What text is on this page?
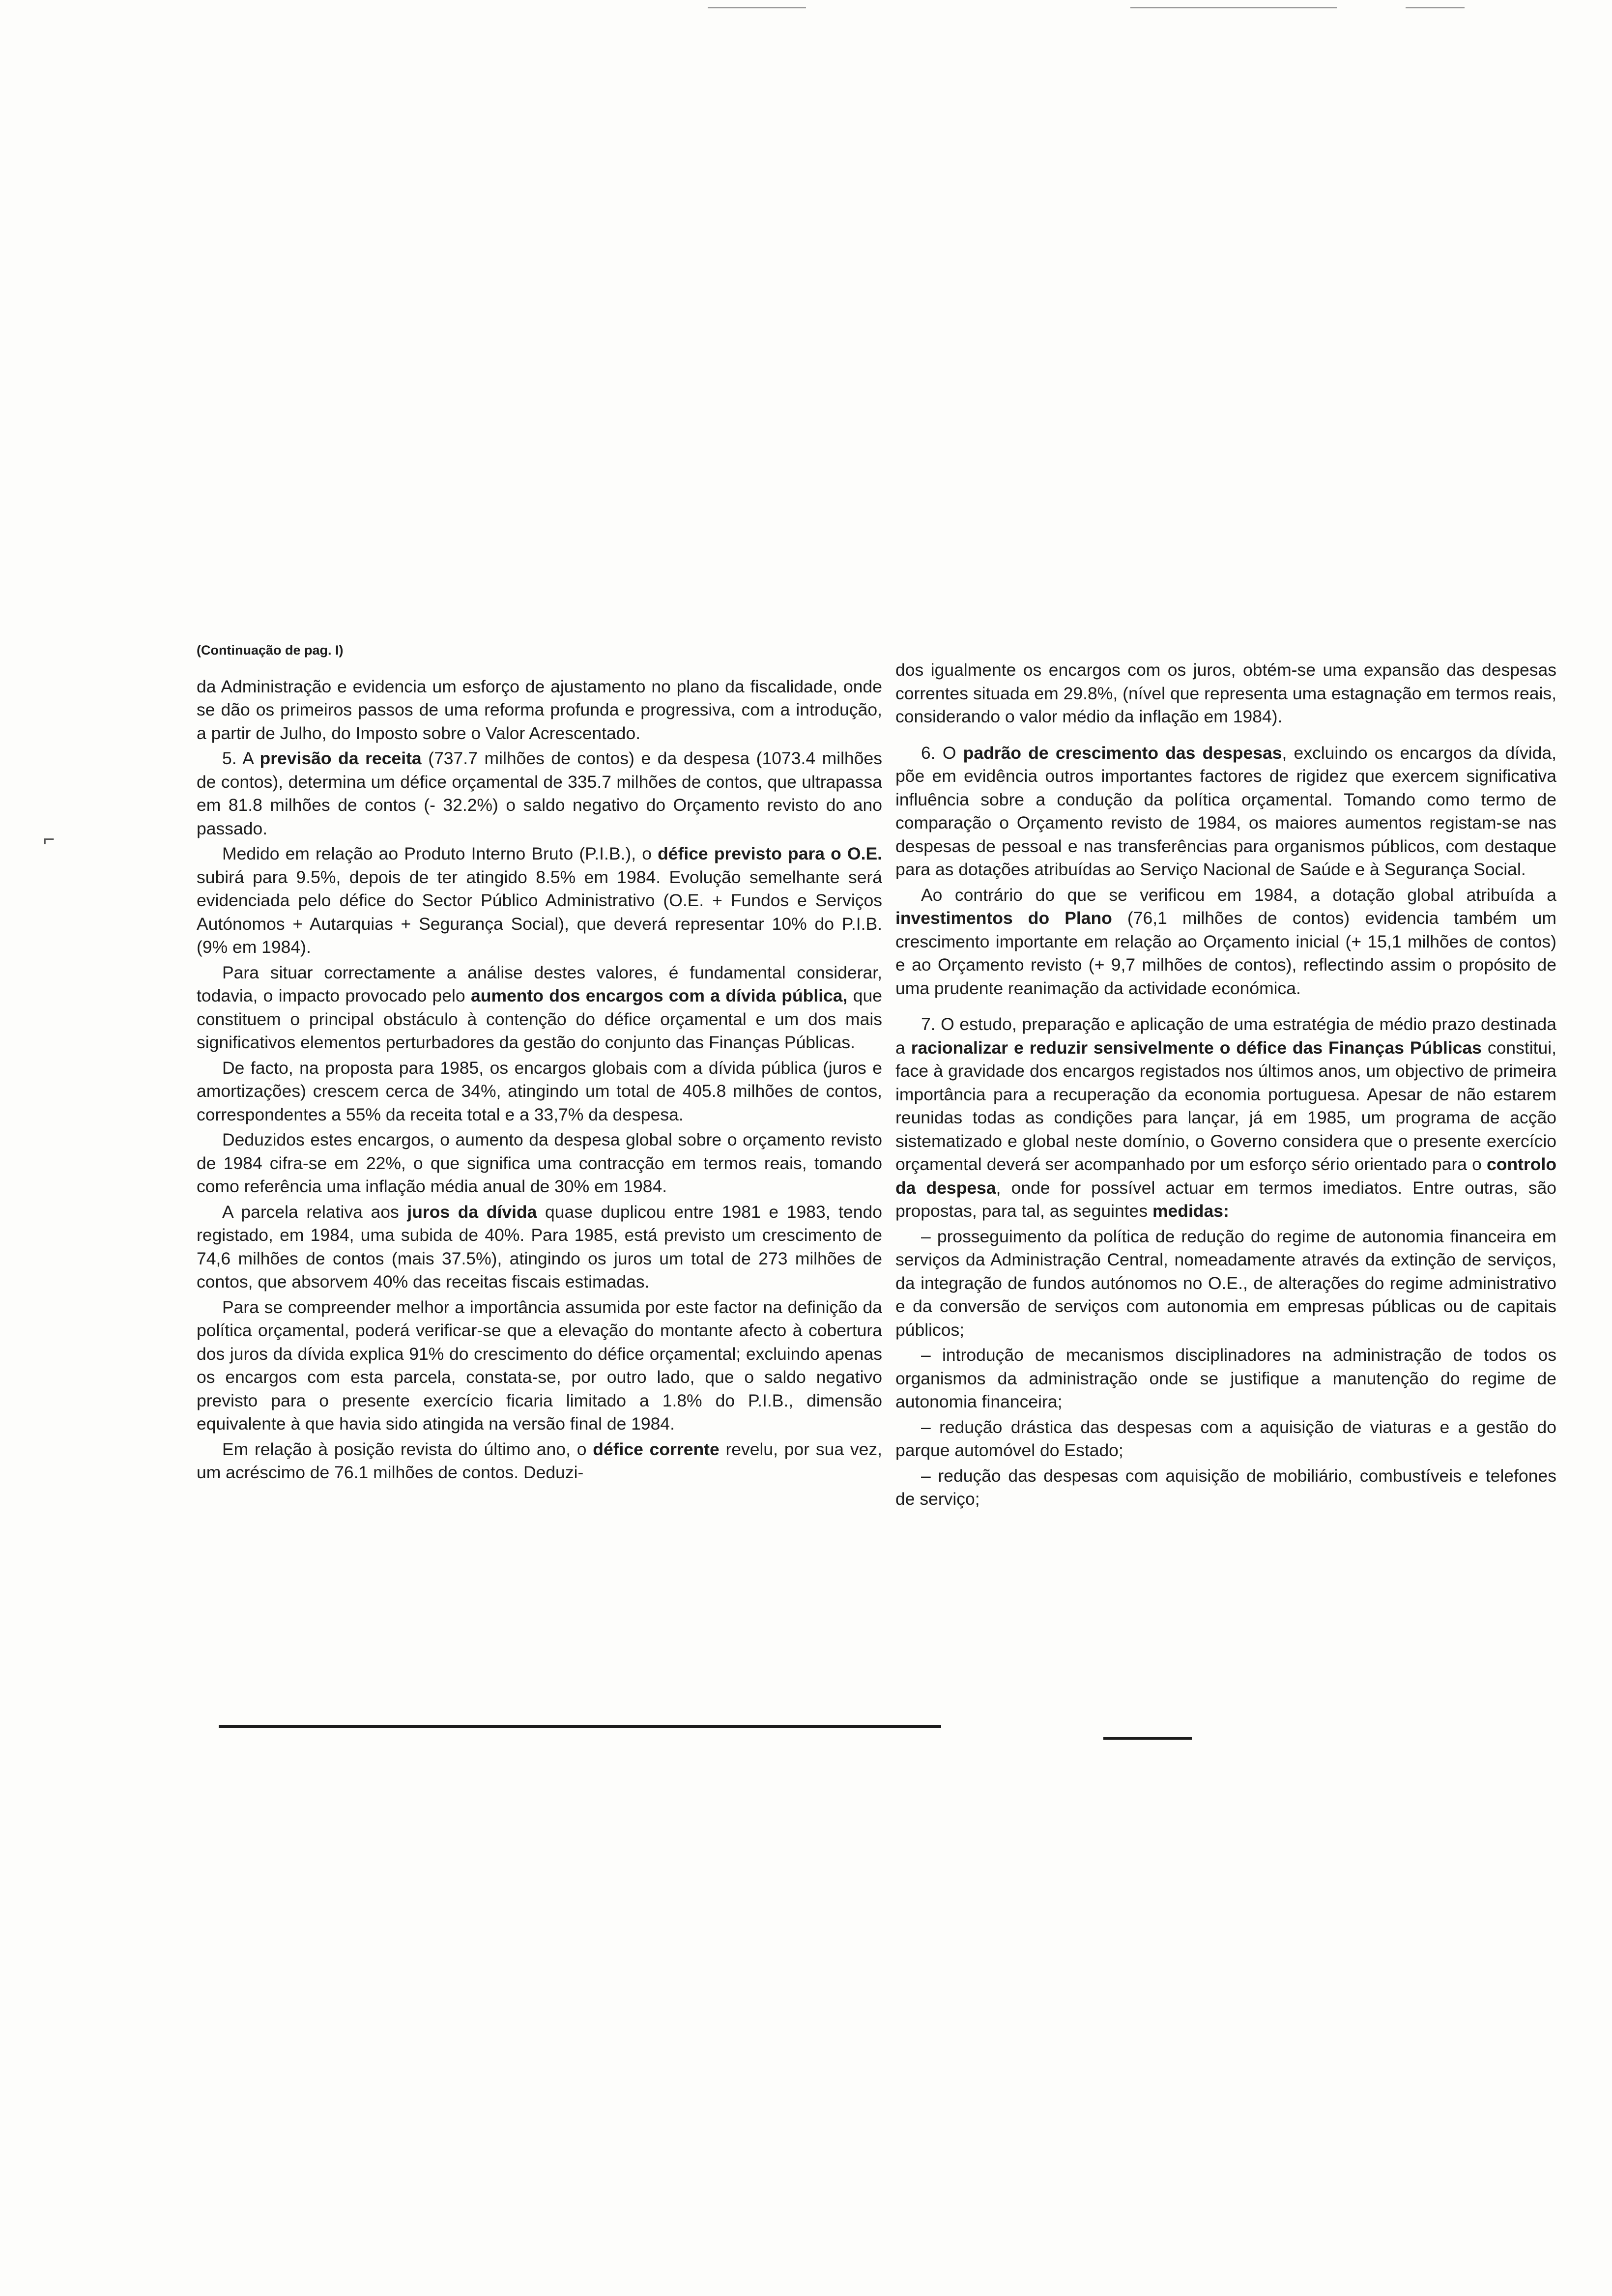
(Continuação de pag. I)

da Administração e evidencia um esforço de ajustamento no plano da fiscalidade, onde se dão os primeiros passos de uma reforma profunda e progressiva, com a introdução, a partir de Julho, do Imposto sobre o Valor Acrescentado.

5. A previsão da receita (737.7 milhões de contos) e da despesa (1073.4 milhões de contos), determina um défice orçamental de 335.7 milhões de contos, que ultrapassa em 81.8 milhões de contos (- 32.2%) o saldo negativo do Orçamento revisto do ano passado.

Medido em relação ao Produto Interno Bruto (P.I.B.), o défice previsto para o O.E. subirá para 9.5%, depois de ter atingido 8.5% em 1984. Evolução semelhante será evidenciada pelo défice do Sector Público Administrativo (O.E. + Fundos e Serviços Autónomos + Autarquias + Segurança Social), que deverá representar 10% do P.I.B. (9% em 1984).

Para situar correctamente a análise destes valores, é fundamental considerar, todavia, o impacto provocado pelo aumento dos encargos com a dívida pública, que constituem o principal obstáculo à contenção do défice orçamental e um dos mais significativos elementos perturbadores da gestão do conjunto das Finanças Públicas.

De facto, na proposta para 1985, os encargos globais com a dívida pública (juros e amortizações) crescem cerca de 34%, atingindo um total de 405.8 milhões de contos, correspondentes a 55% da receita total e a 33,7% da despesa.

Deduzidos estes encargos, o aumento da despesa global sobre o orçamento revisto de 1984 cifra-se em 22%, o que significa uma contracção em termos reais, tomando como referência uma inflação média anual de 30% em 1984.

A parcela relativa aos juros da dívida quase duplicou entre 1981 e 1983, tendo registado, em 1984, uma subida de 40%. Para 1985, está previsto um crescimento de 74,6 milhões de contos (mais 37.5%), atingindo os juros um total de 273 milhões de contos, que absorvem 40% das receitas fiscais estimadas.

Para se compreender melhor a importância assumida por este factor na definição da política orçamental, poderá verificar-se que a elevação do montante afecto à cobertura dos juros da dívida explica 91% do crescimento do défice orçamental; excluindo apenas os encargos com esta parcela, constata-se, por outro lado, que o saldo negativo previsto para o presente exercício ficaria limitado a 1.8% do P.I.B., dimensão equivalente à que havia sido atingida na versão final de 1984.

Em relação à posição revista do último ano, o défice corrente revelu, por sua vez, um acréscimo de 76.1 milhões de contos. Deduzi-

dos igualmente os encargos com os juros, obtém-se uma expansão das despesas correntes situada em 29.8%, (nível que representa uma estagnação em termos reais, considerando o valor médio da inflação em 1984).

6. O padrão de crescimento das despesas, excluindo os encargos da dívida, põe em evidência outros importantes factores de rigidez que exercem significativa influência sobre a condução da política orçamental. Tomando como termo de comparação o Orçamento revisto de 1984, os maiores aumentos registam-se nas despesas de pessoal e nas transferências para organismos públicos, com destaque para as dotações atribuídas ao Serviço Nacional de Saúde e à Segurança Social.

Ao contrário do que se verificou em 1984, a dotação global atribuída a investimentos do Plano (76,1 milhões de contos) evidencia também um crescimento importante em relação ao Orçamento inicial (+ 15,1 milhões de contos) e ao Orçamento revisto (+ 9,7 milhões de contos), reflectindo assim o propósito de uma prudente reanimação da actividade económica.

7. O estudo, preparação e aplicação de uma estratégia de médio prazo destinada a racionalizar e reduzir sensivelmente o défice das Finanças Públicas constitui, face à gravidade dos encargos registados nos últimos anos, um objectivo de primeira importância para a recuperação da economia portuguesa. Apesar de não estarem reunidas todas as condições para lançar, já em 1985, um programa de acção sistematizado e global neste domínio, o Governo considera que o presente exercício orçamental deverá ser acompanhado por um esforço sério orientado para o controlo da despesa, onde for possível actuar em termos imediatos. Entre outras, são propostas, para tal, as seguintes medidas:

– prosseguimento da política de redução do regime de autonomia financeira em serviços da Administração Central, nomeadamente através da extinção de serviços, da integração de fundos autónomos no O.E., de alterações do regime administrativo e da conversão de serviços com autonomia em empresas públicas ou de capitais públicos;

– introdução de mecanismos disciplinadores na administração de todos os organismos da administração onde se justifique a manutenção do regime de autonomia financeira;

– redução drástica das despesas com a aquisição de viaturas e a gestão do parque automóvel do Estado;

– redução das despesas com aquisição de mobiliário, combustíveis e telefones de serviço;

⌐
